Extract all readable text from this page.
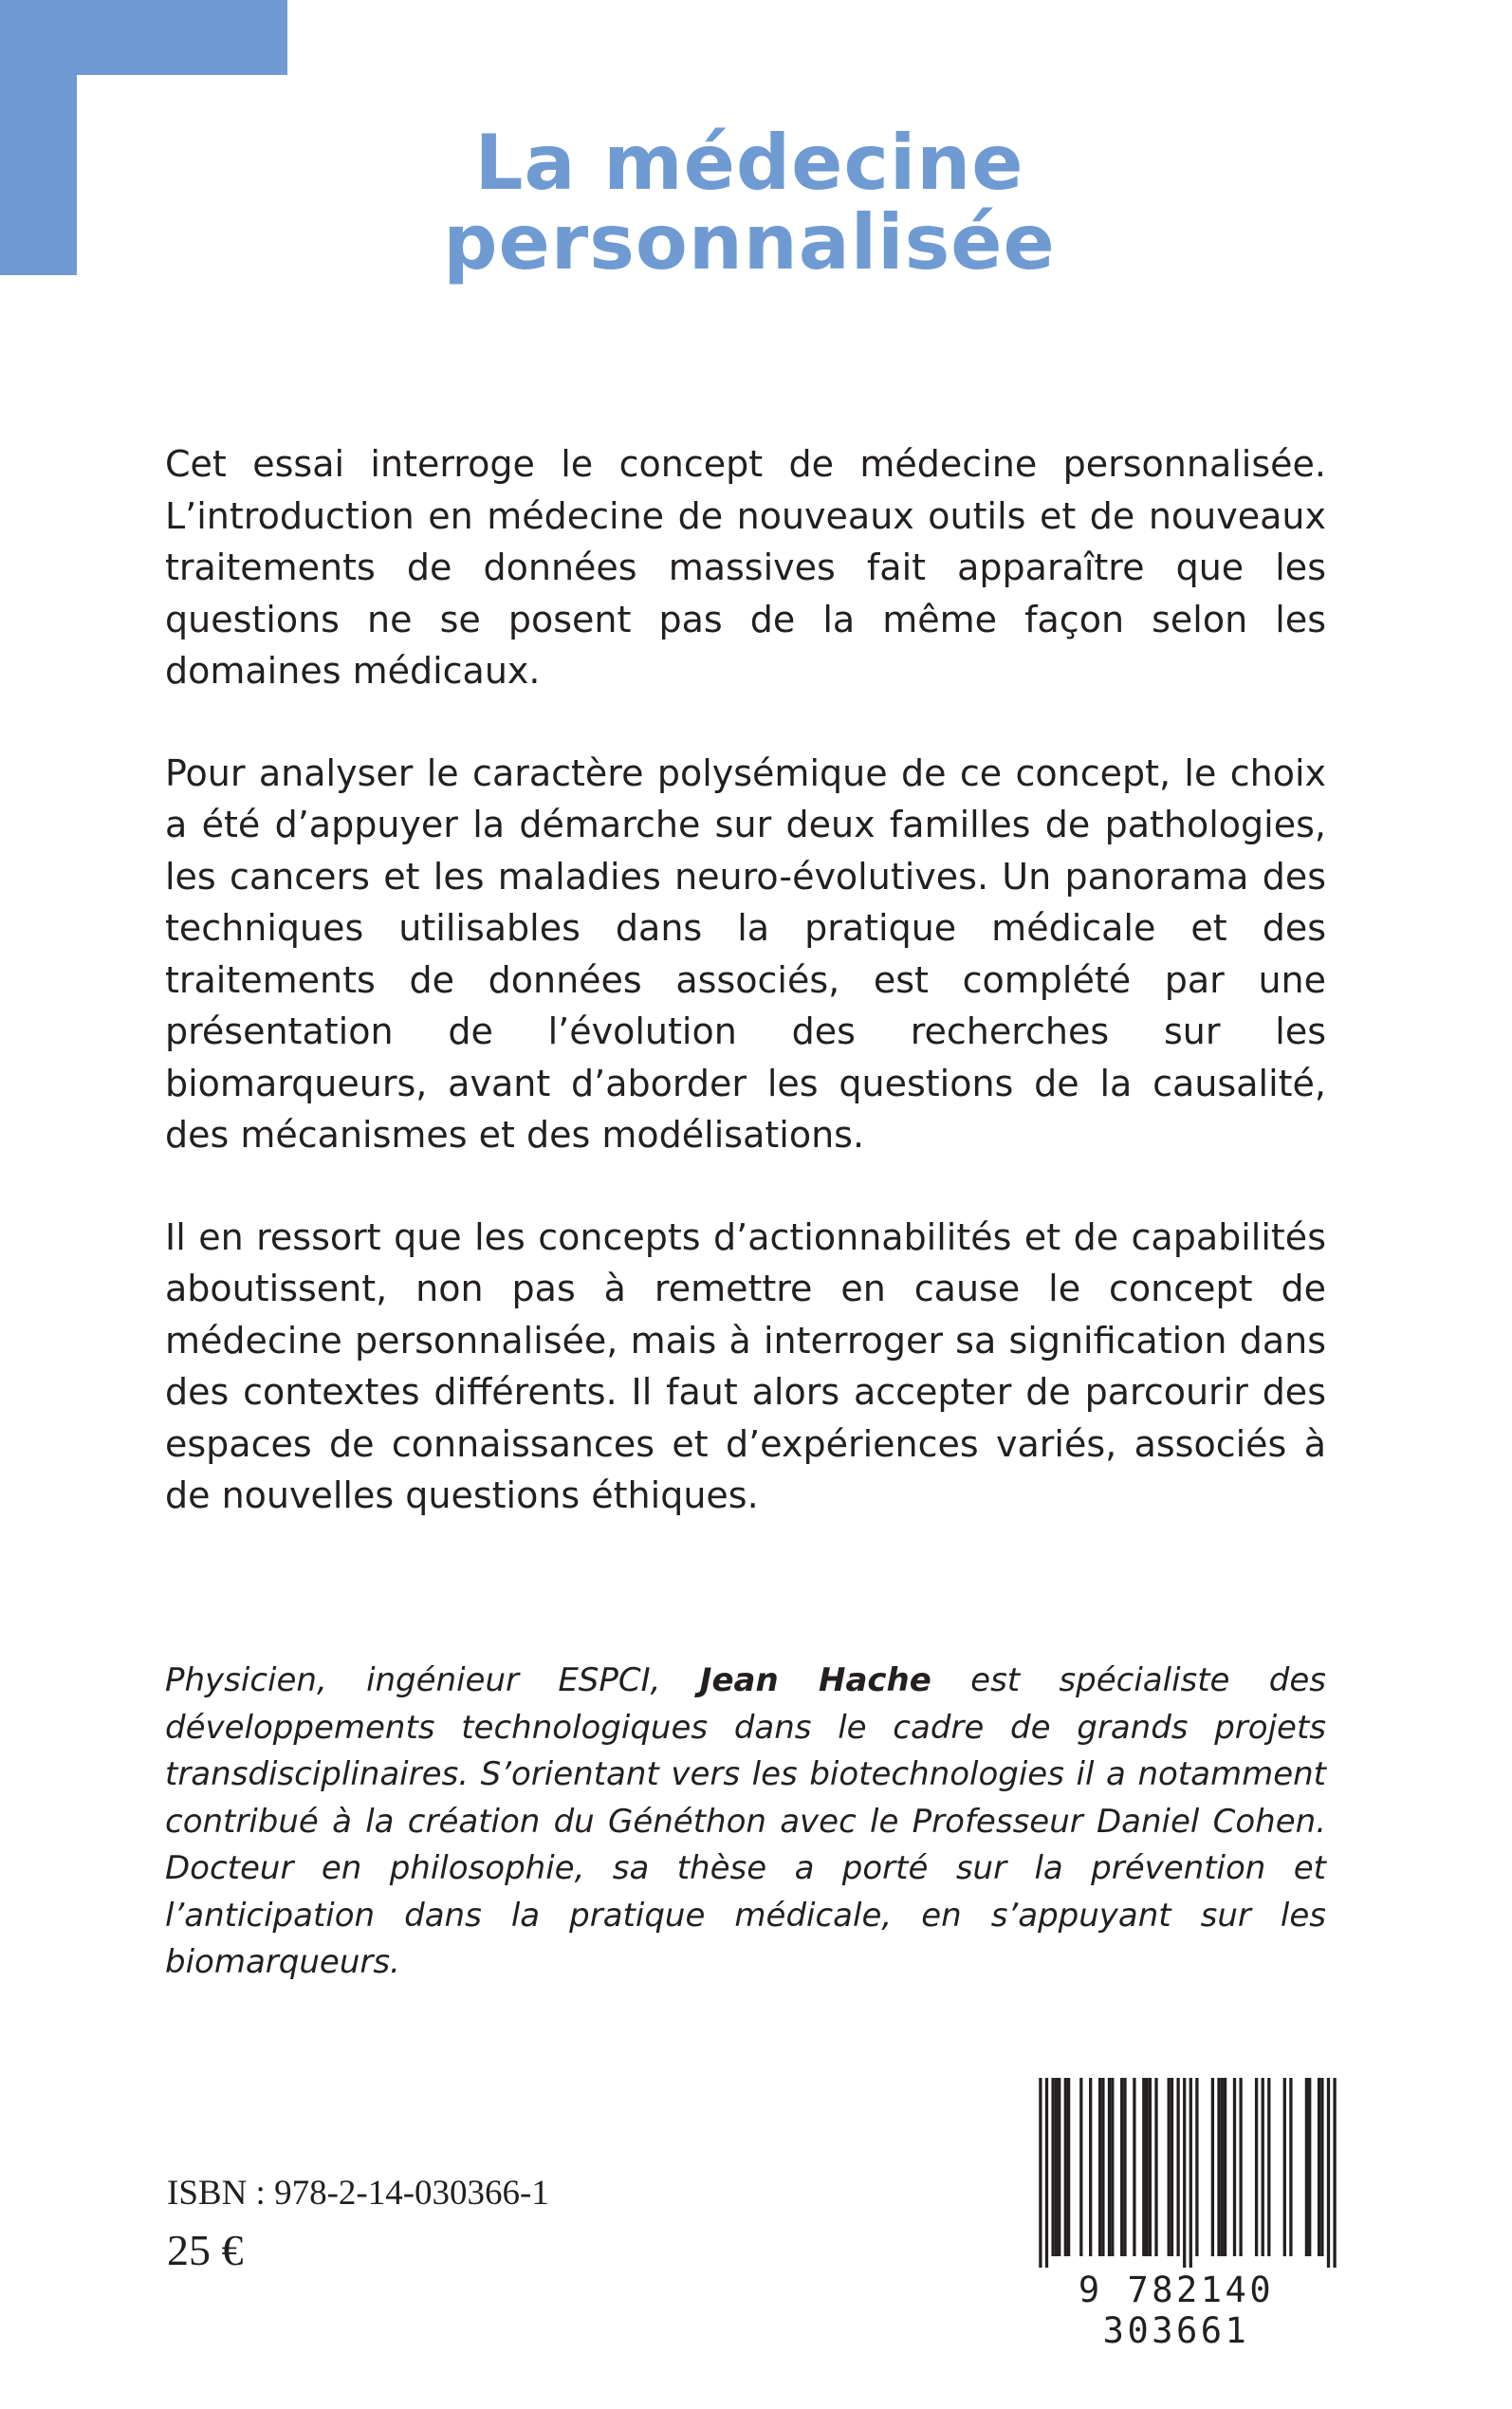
La médecine
personnalisée

Cet essai interroge le concept de médecine personnalisée. L’introduction en médecine de nouveaux outils et de nouveaux traitements de données massives fait apparaître que les questions ne se posent pas de la même façon selon les domaines médicaux.

Pour analyser le caractère polysémique de ce concept, le choix a été d’appuyer la démarche sur deux familles de pathologies, les cancers et les maladies neuro-évolutives. Un panorama des techniques utilisables dans la pratique médicale et des traitements de données associés, est complété par une présentation de l’évolution des recherches sur les biomarqueurs, avant d’aborder les questions de la causalité, des mécanismes et des modélisations.

Il en ressort que les concepts d’actionnabilités et de capabilités aboutissent, non pas à remettre en cause le concept de médecine personnalisée, mais à interroger sa signification dans des contextes différents. Il faut alors accepter de parcourir des espaces de connaissances et d’expériences variés, associés à de nouvelles questions éthiques.

Physicien, ingénieur ESPCI, Jean Hache est spécialiste des développements technologiques dans le cadre de grands projets transdisciplinaires. S’orientant vers les biotechnologies il a notamment contribué à la création du Généthon avec le Professeur Daniel Cohen. Docteur en philosophie, sa thèse a porté sur la prévention et l’anticipation dans la pratique médicale, en s’appuyant sur les biomarqueurs.

ISBN : 978-2-14-030366-1
25 €
9 782140 303661
